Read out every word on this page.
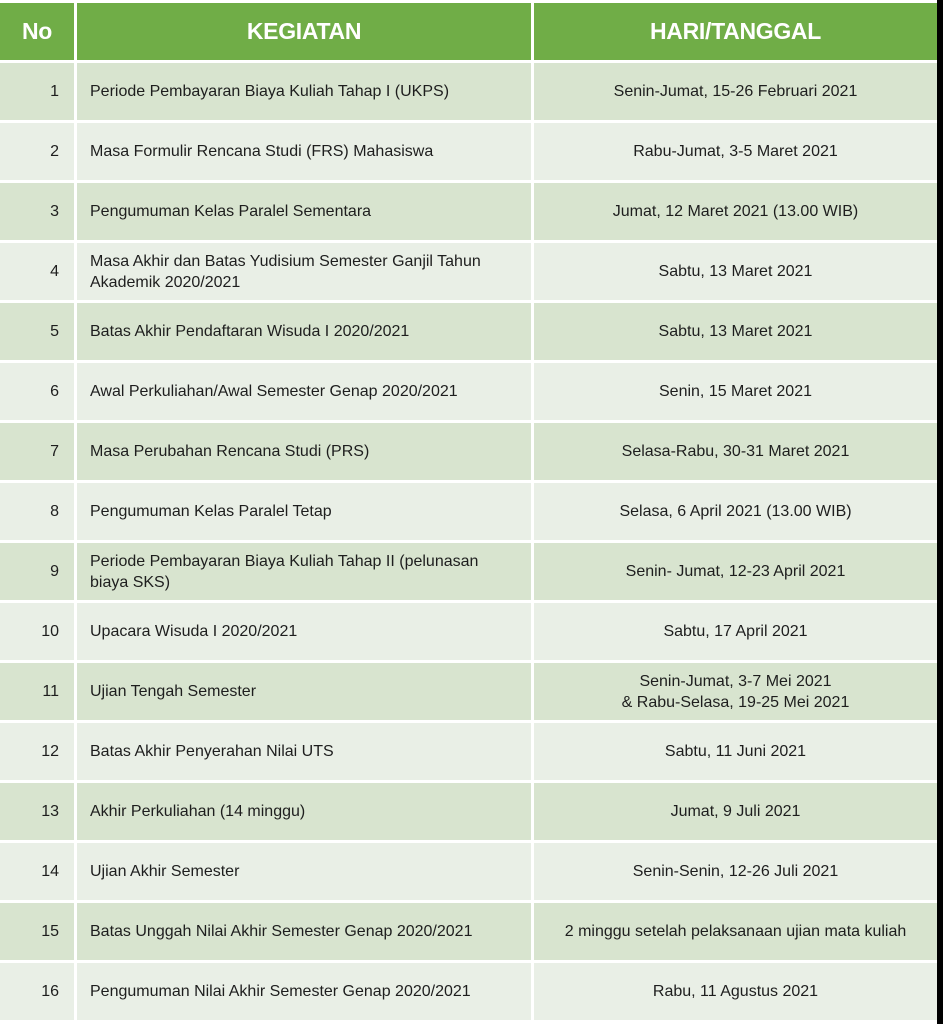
No	KEGIATAN	HARI/TANGGAL
1	Periode Pembayaran Biaya Kuliah Tahap I (UKPS)	Senin-Jumat, 15-26 Februari 2021

2	Masa Formulir Rencana Studi (FRS) Mahasiswa	Rabu-Jumat, 3-5 Maret 2021

3	Pengumuman Kelas Paralel Sementara	Jumat, 12 Maret 2021 (13.00 WIB)

4	Masa Akhir dan Batas Yudisium Semester Ganjil Tahun
Akademik 2020/2021	Sabtu, 13 Maret 2021

5	Batas Akhir Pendaftaran Wisuda I 2020/2021	Sabtu, 13 Maret 2021

6	Awal Perkuliahan/Awal Semester Genap 2020/2021	Senin, 15 Maret 2021

7	Masa Perubahan Rencana Studi (PRS)	Selasa-Rabu, 30-31 Maret 2021

8	Pengumuman Kelas Paralel Tetap	Selasa, 6 April 2021 (13.00 WIB)

9	Periode Pembayaran Biaya Kuliah Tahap II (pelunasan
biaya SKS)	Senin- Jumat, 12-23 April 2021

10	Upacara Wisuda I 2020/2021	Sabtu, 17 April 2021

11	Ujian Tengah Semester	Senin-Jumat, 3-7 Mei 2021
& Rabu-Selasa, 19-25 Mei 2021

12	Batas Akhir Penyerahan Nilai UTS	Sabtu, 11 Juni 2021

13	Akhir Perkuliahan (14 minggu)	Jumat, 9 Juli 2021

14	Ujian Akhir Semester	Senin-Senin, 12-26 Juli 2021

15	Batas Unggah Nilai Akhir Semester Genap 2020/2021	2 minggu setelah pelaksanaan ujian mata kuliah

16	Pengumuman Nilai Akhir Semester Genap 2020/2021	Rabu, 11 Agustus 2021
